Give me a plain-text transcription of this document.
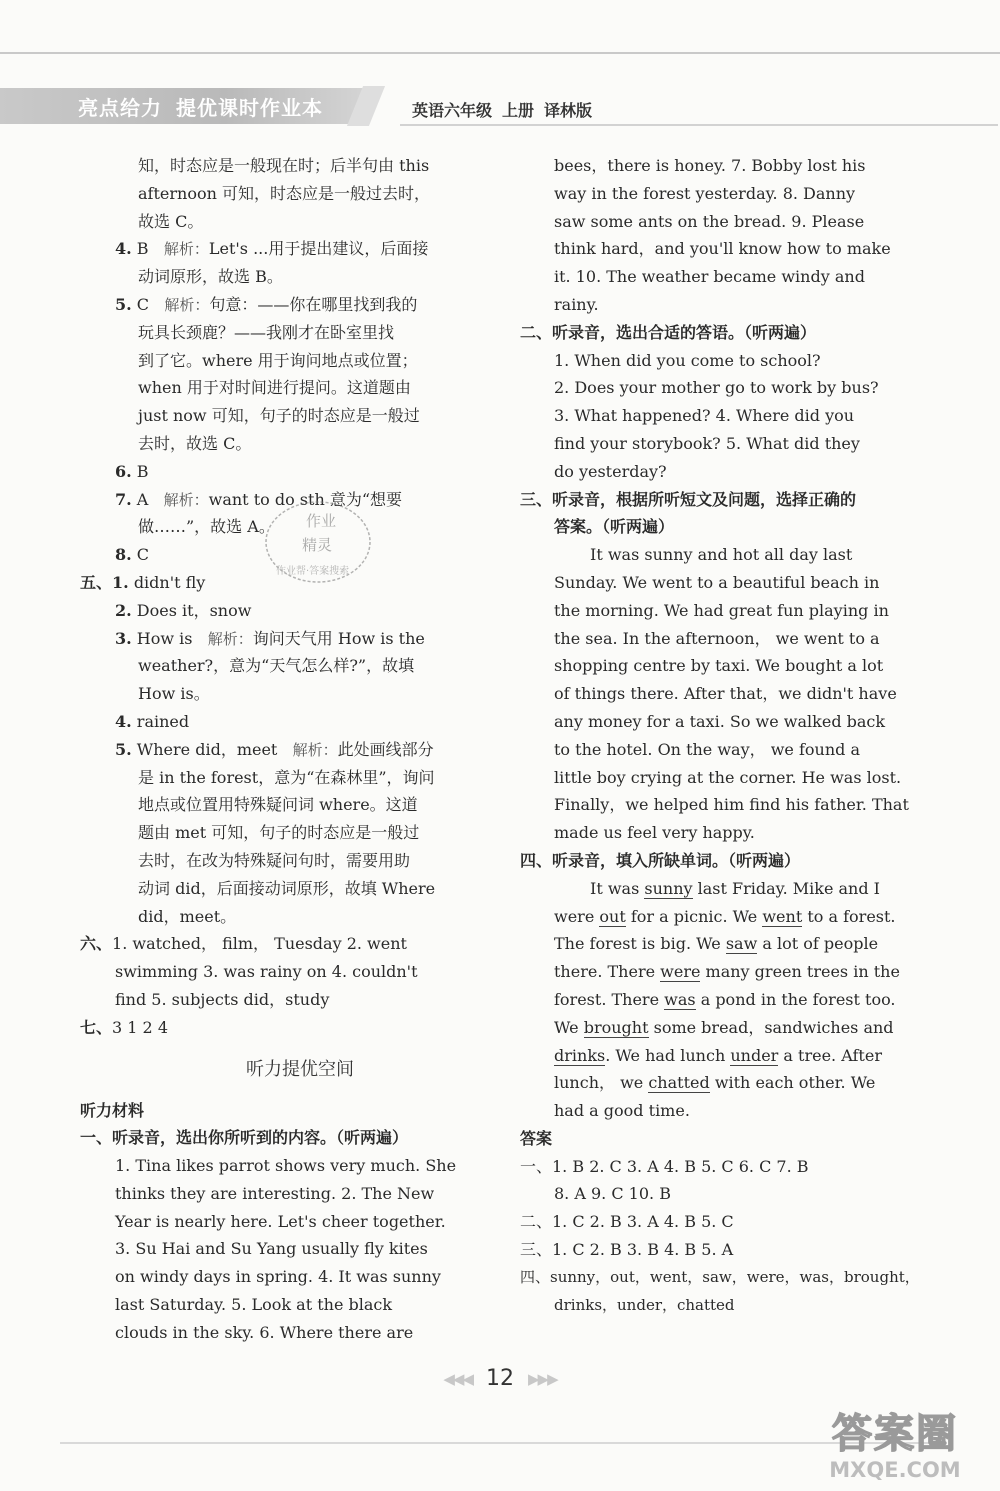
亮点给力 提优课时作业本	英语六年级 上册 译林版
知，时态应是一般现在时；后半句由 this
afternoon 可知，时态应是一般过去时，
故选 C。
4. B 解析：Let's ...用于提出建议，后面接
动词原形，故选 B。
5. C 解析：句意：——你在哪里找到我的
玩具长颈鹿？——我刚才在卧室里找
到了它。where 用于询问地点或位置；
when 用于对时间进行提问。这道题由
just now 可知，句子的时态应是一般过
去时，故选 C。
6. B
7. A 解析：want to do sth 意为“想要
做……”，故选 A。
8. C
五、1. didn't fly
2. Does it，snow
3. How is 解析：询问天气用 How is the
weather?，意为“天气怎么样?”，故填
How is。
4. rained
5. Where did，meet 解析：此处画线部分
是 in the forest，意为“在森林里”，询问
地点或位置用特殊疑问词 where。这道
题由 met 可知，句子的时态应是一般过
去时，在改为特殊疑问句时，需要用助
动词 did，后面接动词原形，故填 Where
did，meet。
六、1. watched， film， Tuesday 2. went
swimming 3. was rainy on 4. couldn't
find 5. subjects did，study
七、3 1 2 4
听力提优空间
听力材料
一、听录音，选出你所听到的内容。（听两遍）
1. Tina likes parrot shows very much. She
thinks they are interesting. 2. The New
Year is nearly here. Let's cheer together.
3. Su Hai and Su Yang usually fly kites
on windy days in spring. 4. It was sunny
last Saturday. 5. Look at the black
clouds in the sky. 6. Where there are
bees，there is honey. 7. Bobby lost his
way in the forest yesterday. 8. Danny
saw some ants on the bread. 9. Please
think hard，and you'll know how to make
it. 10. The weather became windy and
rainy.
二、听录音，选出合适的答语。（听两遍）
1. When did you come to school?
2. Does your mother go to work by bus?
3. What happened? 4. Where did you
find your storybook? 5. What did they
do yesterday?
三、听录音，根据所听短文及问题，选择正确的
答案。（听两遍）
It was sunny and hot all day last
Sunday. We went to a beautiful beach in
the morning. We had great fun playing in
the sea. In the afternoon， we went to a
shopping centre by taxi. We bought a lot
of things there. After that，we didn't have
any money for a taxi. So we walked back
to the hotel. On the way， we found a
little boy crying at the corner. He was lost.
Finally，we helped him find his father. That
made us feel very happy.
四、听录音，填入所缺单词。（听两遍）
It was sunny last Friday. Mike and I
were out for a picnic. We went to a forest.
The forest is big. We saw a lot of people
there. There were many green trees in the
forest. There was a pond in the forest too.
We brought some bread，sandwiches and
drinks. We had lunch under a tree. After
lunch， we chatted with each other. We
had a good time.
答案
一、1. B 2. C 3. A 4. B 5. C 6. C 7. B
8. A 9. C 10. B
二、1. C 2. B 3. A 4. B 5. C
三、1. C 2. B 3. B 4. B 5. A
四、sunny，out，went，saw，were，was，brought，
drinks，under，chatted
作业
精灵
作业帮·答案搜索
◀◀◀ 12 ▶▶▶
答案圈
MXQE.COM
